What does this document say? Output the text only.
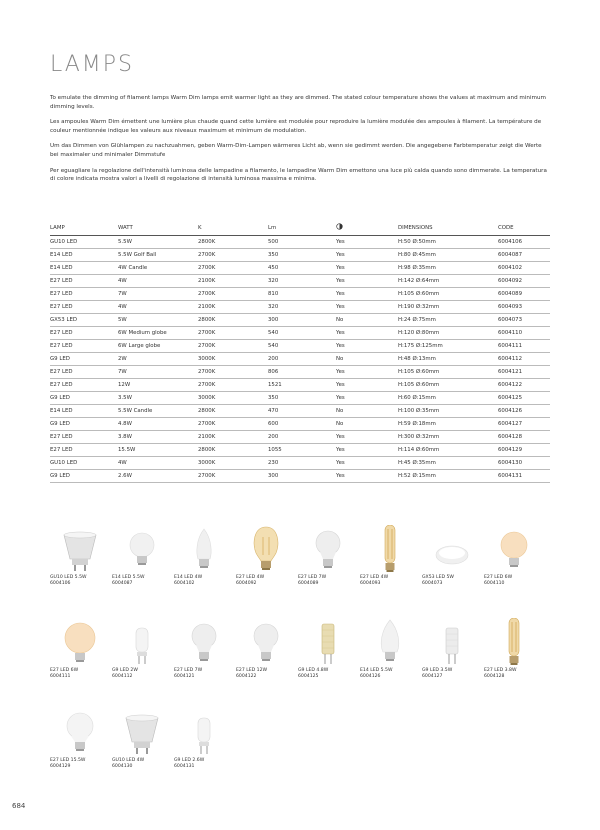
LAMPS

To emulate the dimming of filament lamps Warm Dim lamps emit warmer light as they are dimmed. The stated colour temperature shows the values at maximum and minimum dimming levels.

Les ampoules Warm Dim émettent une lumière plus chaude quand cette lumière est modulée pour reproduire la lumière modulée des ampoules à filament. La température de couleur mentionnée indique les valeurs aux niveaux maximum et minimum de modulation.

Um das Dimmen von Glühlampen zu nachzuahmen, geben Warm-Dim-Lampen wärmeres Licht ab, wenn sie gedimmt werden. Die angegebene Farbtemperatur zeigt die Werte bei maximaler und minimaler Dimmstufe

Per eguagliare la regolazione dell'intensità luminosa delle lampadine a filamento, le lampadine Warm Dim emettono una luce più calda quando sono dimmerate. La temperatura di colore indicata mostra valori a livelli di regolazione di intensità luminosa massima e minima.

LAMP	WATT	K	Lm		DIMENSIONS	CODE
GU10 LED	5.5W	2800K	500	Yes	H:50 Ø:50mm	6004106
E14 LED	5.5W Golf Ball	2700K	350	Yes	H:80 Ø:45mm	6004087
E14 LED	4W Candle	2700K	450	Yes	H:98 Ø:35mm	6004102
E27 LED	4W	2100K	320	Yes	H:142 Ø:64mm	6004092
E27 LED	7W	2700K	810	Yes	H:105 Ø:60mm	6004089
E27 LED	4W	2100K	320	Yes	H:190 Ø:32mm	6004093
GX53 LED	5W	2800K	300	No	H:24 Ø:75mm	6004073
E27 LED	6W Medium globe	2700K	540	Yes	H:120 Ø:80mm	6004110
E27 LED	6W Large globe	2700K	540	Yes	H:175 Ø:125mm	6004111
G9 LED	2W	3000K	200	No	H:48 Ø:13mm	6004112
E27 LED	7W	2700K	806	Yes	H:105 Ø:60mm	6004121
E27 LED	12W	2700K	1521	Yes	H:105 Ø:60mm	6004122
G9 LED	3.5W	3000K	350	Yes	H:60 Ø:15mm	6004125
E14 LED	5.5W Candle	2800K	470	No	H:100 Ø:35mm	6004126
G9 LED	4.8W	2700K	600	No	H:59 Ø:18mm	6004127
E27 LED	3.8W	2100K	200	Yes	H:300 Ø:32mm	6004128
E27 LED	15.5W	2800K	1055	Yes	H:114 Ø:60mm	6004129
GU10 LED	4W	3000K	230	Yes	H:45 Ø:35mm	6004130
G9 LED	2.6W	2700K	300	Yes	H:52 Ø:15mm	6004131
GU10 LED 5.5W
6004106
E14 LED 5.5W
6004087
E14 LED 4W
6004102
E27 LED 4W
6004092
E27 LED 7W
6004089
E27 LED 4W
6004093
GX53 LED 5W
6004073
E27 LED 6W
6004110
E27 LED 6W
6004111
G9 LED 2W
6004112
E27 LED 7W
6004121
E27 LED 12W
6004122
G9 LED 4.8W
6004125
E14 LED 5.5W
6004126
G9 LED 3.5W
6004127
E27 LED 3.8W
6004128
E27 LED 15.5W
6004129
GU10 LED 4W
6004130
G9 LED 2.6W
6004131
684
